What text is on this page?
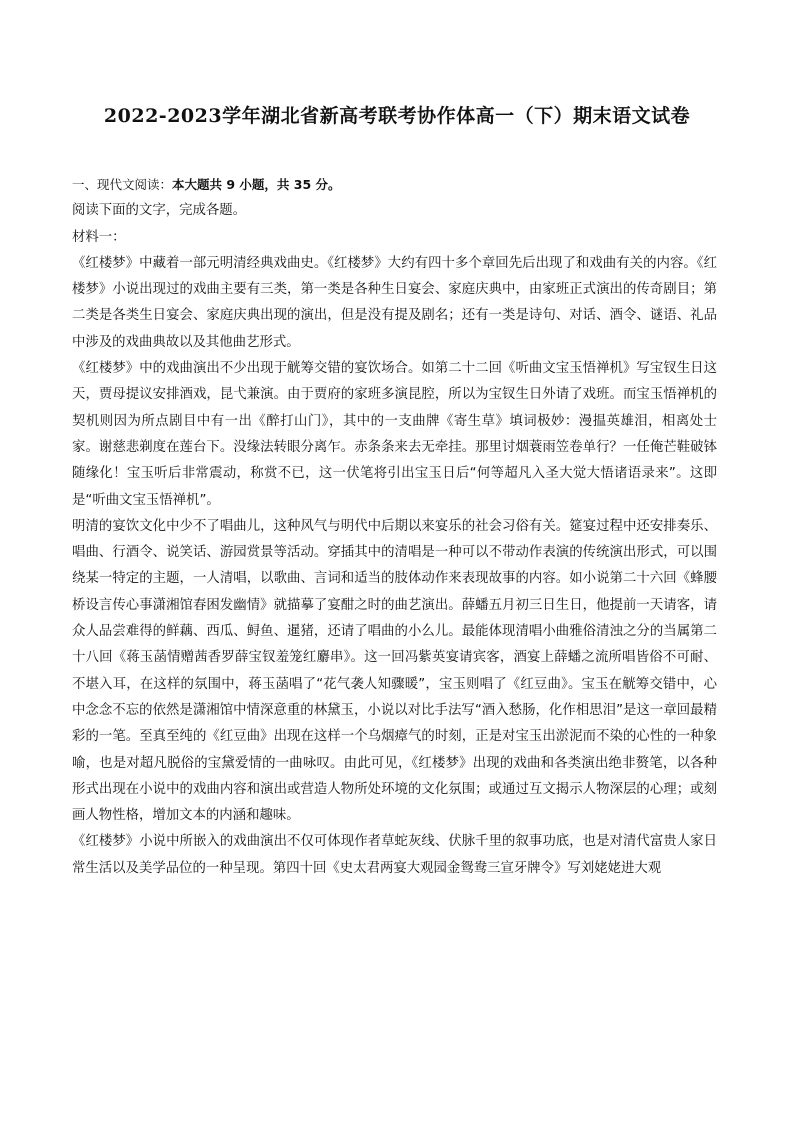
2022-2023学年湖北省新高考联考协作体高一（下）期末语文试卷

一、现代文阅读：本大题共 9 小题，共 35 分。

阅读下面的文字，完成各题。

材料一：

《红楼梦》中藏着一部元明清经典戏曲史。《红楼梦》大约有四十多个章回先后出现了和戏曲有关的内容。《红楼梦》小说出现过的戏曲主要有三类，第一类是各种生日宴会、家庭庆典中，由家班正式演出的传奇剧目；第二类是各类生日宴会、家庭庆典出现的演出，但是没有提及剧名；还有一类是诗句、对话、酒令、谜语、礼品中涉及的戏曲典故以及其他曲艺形式。

《红楼梦》中的戏曲演出不少出现于觥筹交错的宴饮场合。如第二十二回《听曲文宝玉悟禅机》写宝钗生日这天，贾母提议安排酒戏，昆弋兼演。由于贾府的家班多演昆腔，所以为宝钗生日外请了戏班。而宝玉悟禅机的契机则因为所点剧目中有一出《醉打山门》，其中的一支曲牌《寄生草》填词极妙：漫揾英雄泪，相离处士家。谢慈悲剃度在莲台下。没缘法转眼分离乍。赤条条来去无牵挂。那里讨烟蓑雨笠卷单行？一任俺芒鞋破钵随缘化！宝玉听后非常震动，称赏不已，这一伏笔将引出宝玉日后“何等超凡入圣大觉大悟诸语录来”。这即是“听曲文宝玉悟禅机”。

明清的宴饮文化中少不了唱曲儿，这种风气与明代中后期以来宴乐的社会习俗有关。筵宴过程中还安排奏乐、唱曲、行酒令、说笑话、游园赏景等活动。穿插其中的清唱是一种可以不带动作表演的传统演出形式，可以围绕某一特定的主题，一人清唱，以歌曲、言词和适当的肢体动作来表现故事的内容。如小说第二十六回《蜂腰桥设言传心事潇湘馆春困发幽情》就描摹了宴酣之时的曲艺演出。薛蟠五月初三日生日，他提前一天请客，请众人品尝难得的鲜藕、西瓜、鲟鱼、暹猪，还请了唱曲的小么儿。最能体现清唱小曲雅俗清浊之分的当属第二十八回《蒋玉菡情赠茜香罗薛宝钗羞笼红麝串》。这一回冯紫英宴请宾客，酒宴上薛蟠之流所唱皆俗不可耐、不堪入耳，在这样的氛围中，蒋玉菡唱了“花气袭人知骤暖”，宝玉则唱了《红豆曲》。宝玉在觥筹交错中，心中念念不忘的依然是潇湘馆中情深意重的林黛玉，小说以对比手法写“酒入愁肠，化作相思泪”是这一章回最精彩的一笔。至真至纯的《红豆曲》出现在这样一个乌烟瘴气的时刻，正是对宝玉出淤泥而不染的心性的一种象喻，也是对超凡脱俗的宝黛爱情的一曲咏叹。由此可见，《红楼梦》出现的戏曲和各类演出绝非赘笔，以各种形式出现在小说中的戏曲内容和演出或营造人物所处环境的文化氛围；或通过互文揭示人物深层的心理；或刻画人物性格，增加文本的内涵和趣味。

《红楼梦》小说中所嵌入的戏曲演出不仅可体现作者草蛇灰线、伏脉千里的叙事功底，也是对清代富贵人家日常生活以及美学品位的一种呈现。第四十回《史太君两宴大观园金鸳鸯三宣牙牌令》写刘姥姥进大观
